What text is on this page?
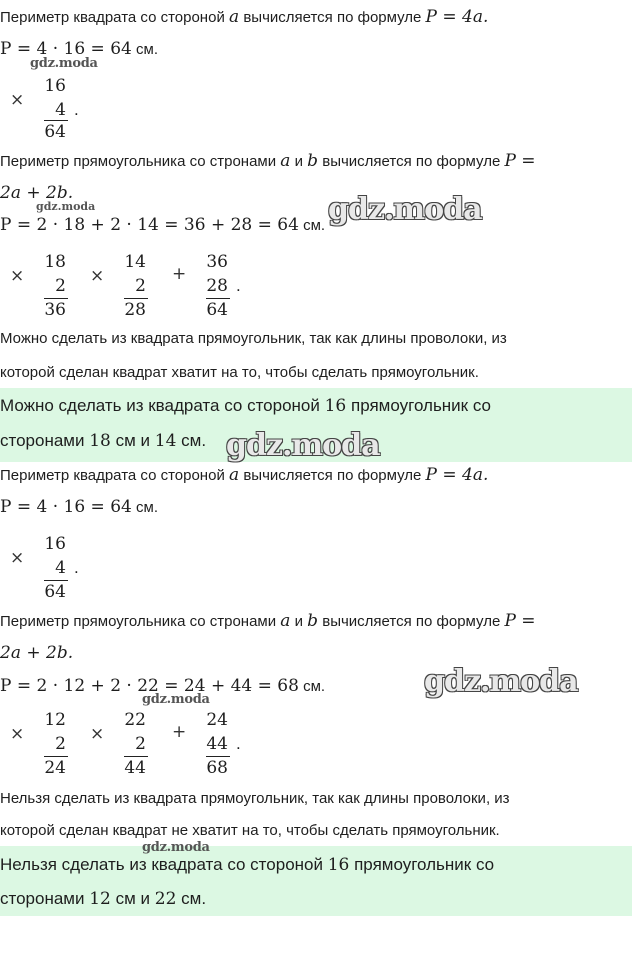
Периметр квадрата со стороной a вычисляется по формуле P = 4a.
P = 4 · 16 = 64 см.
gdz.moda
×
16
4
64
.
Периметр прямоугольника со стронами a и b вычисляется по формуле P =
2a + 2b.
gdz.moda
P = 2 · 18 + 2 · 14 = 36 + 28 = 64 см. gdz.moda
×
18
2
36
×
14
2
28
+
36
28
64
.
Можно сделать из квадрата прямоугольник, так как длины проволоки, из
которой сделан квадрат хватит на то, чтобы сделать прямоугольник.
Можно сделать из квадрата со стороной 16 прямоугольник со
сторонами 18 см и 14 см. gdz.moda
Периметр квадрата со стороной a вычисляется по формуле P = 4a.
P = 4 · 16 = 64 см.
×
16
4
64
.
Периметр прямоугольника со стронами a и b вычисляется по формуле P =
2a + 2b.
P = 2 · 12 + 2 · 22 = 24 + 44 = 68 см.	gdz.moda
gdz.moda
×
12
2
24
×
22
2
44
+
24
44
68
.
Нельзя сделать из квадрата прямоугольник, так как длины проволоки, из
которой сделан квадрат не хватит на то, чтобы сделать прямоугольник.
Нельзя сделать из квадрата со стороной 16 прямоугольник со
сторонами 12 см и 22 см.
gdz.moda
